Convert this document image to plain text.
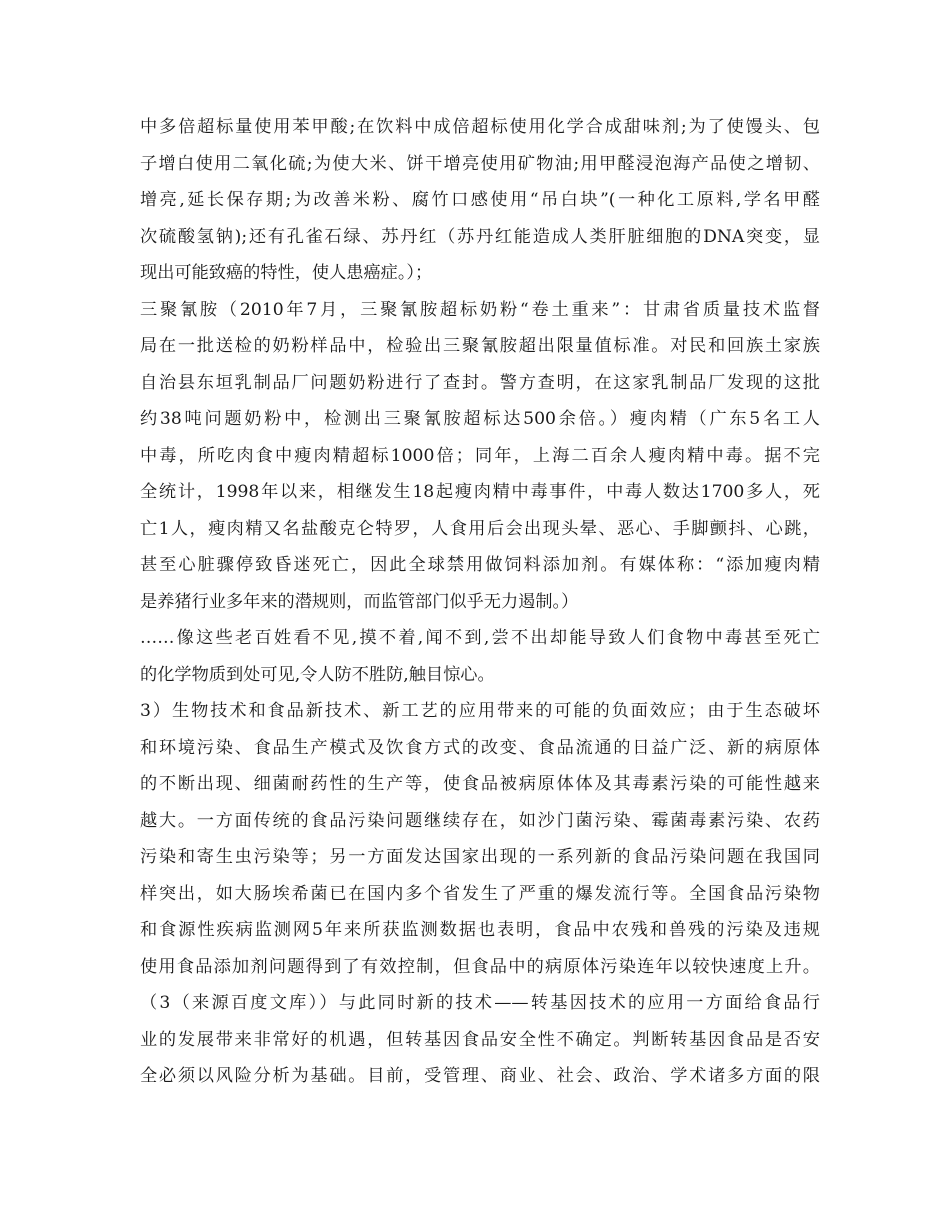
中多倍超标量使用苯甲酸;在饮料中成倍超标使用化学合成甜味剂;为了使馒头、包
子增白使用二氧化硫;为使大米、饼干增亮使用矿物油;用甲醛浸泡海产品使之增韧、
增亮,延长保存期;为改善米粉、腐竹口感使用“吊白块”(一种化工原料,学名甲醛
次硫酸氢钠);还有孔雀石绿、苏丹红（苏丹红能造成人类肝脏细胞的DNA突变，显
现出可能致癌的特性，使人患癌症。）；
三聚氰胺（2010年7月，三聚氰胺超标奶粉“卷土重来”：甘肃省质量技术监督
局在一批送检的奶粉样品中，检验出三聚氰胺超出限量值标准。对民和回族土家族
自治县东垣乳制品厂问题奶粉进行了查封。警方查明，在这家乳制品厂发现的这批
约38吨问题奶粉中，检测出三聚氰胺超标达500余倍。）瘦肉精（广东5名工人
中毒，所吃肉食中瘦肉精超标1000倍；同年，上海二百余人瘦肉精中毒。据不完
全统计，1998年以来，相继发生18起瘦肉精中毒事件，中毒人数达1700多人，死
亡1人，瘦肉精又名盐酸克仑特罗，人食用后会出现头晕、恶心、手脚颤抖、心跳，
甚至心脏骤停致昏迷死亡，因此全球禁用做饲料添加剂。有媒体称：“添加瘦肉精
是养猪行业多年来的潜规则，而监管部门似乎无力遏制。）
……像这些老百姓看不见,摸不着,闻不到,尝不出却能导致人们食物中毒甚至死亡
的化学物质到处可见,令人防不胜防,触目惊心。
3）生物技术和食品新技术、新工艺的应用带来的可能的负面效应；由于生态破坏
和环境污染、食品生产模式及饮食方式的改变、食品流通的日益广泛、新的病原体
的不断出现、细菌耐药性的生产等，使食品被病原体体及其毒素污染的可能性越来
越大。一方面传统的食品污染问题继续存在，如沙门菌污染、霉菌毒素污染、农药
污染和寄生虫污染等；另一方面发达国家出现的一系列新的食品污染问题在我国同
样突出，如大肠埃希菌已在国内多个省发生了严重的爆发流行等。全国食品污染物
和食源性疾病监测网5年来所获监测数据也表明，食品中农残和兽残的污染及违规
使用食品添加剂问题得到了有效控制，但食品中的病原体污染连年以较快速度上升。
（3（来源百度文库））与此同时新的技术——转基因技术的应用一方面给食品行
业的发展带来非常好的机遇，但转基因食品安全性不确定。判断转基因食品是否安
全必须以风险分析为基础。目前，受管理、商业、社会、政治、学术诸多方面的限
